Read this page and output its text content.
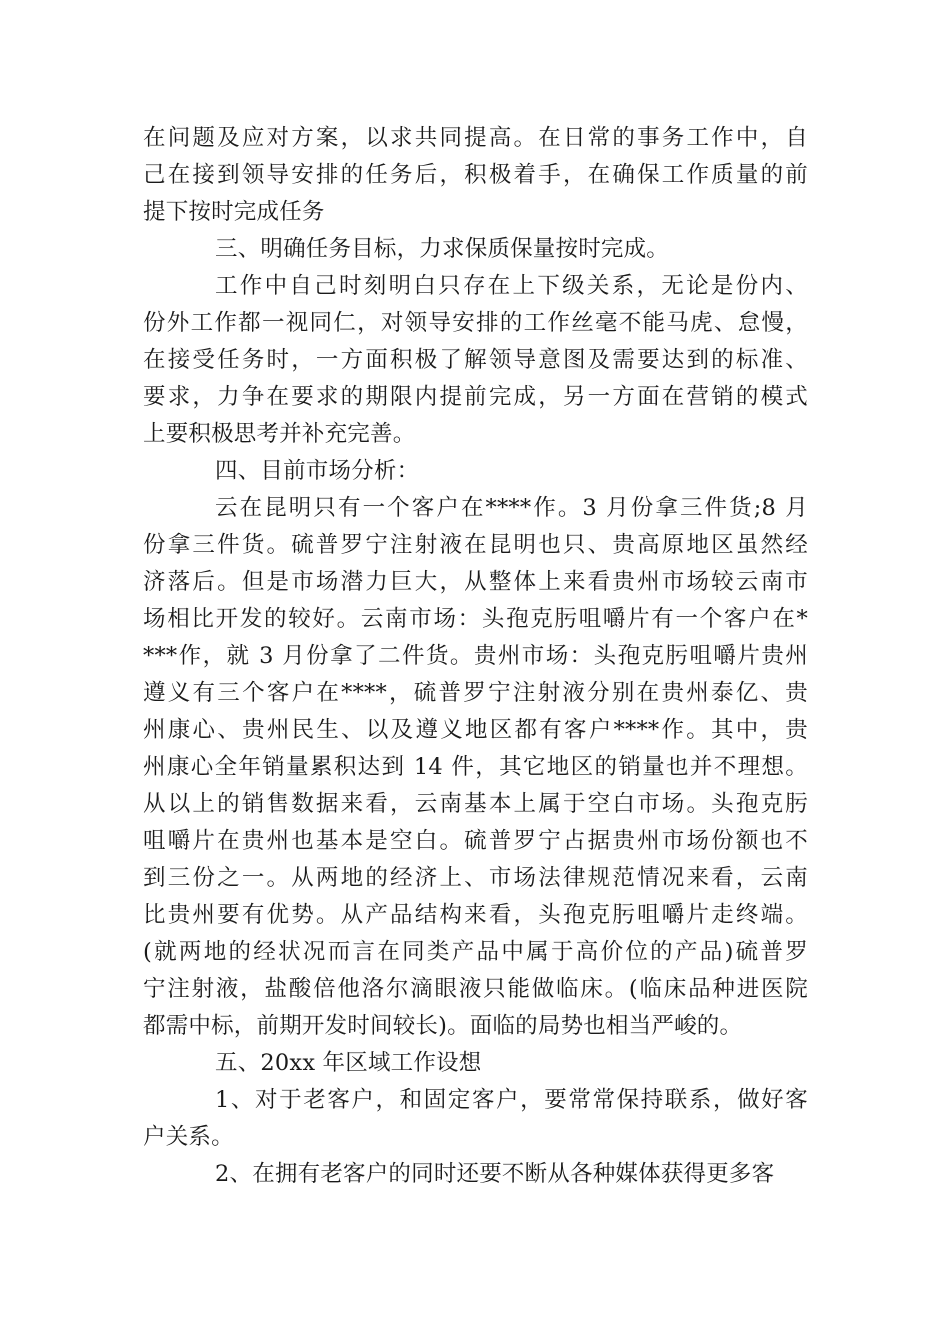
在问题及应对方案，以求共同提高。在日常的事务工作中，自
己在接到领导安排的任务后，积极着手，在确保工作质量的前
提下按时完成任务
三、明确任务目标，力求保质保量按时完成。
工作中自己时刻明白只存在上下级关系，无论是份内、
份外工作都一视同仁，对领导安排的工作丝毫不能马虎、怠慢，
在接受任务时，一方面积极了解领导意图及需要达到的标准、
要求，力争在要求的期限内提前完成，另一方面在营销的模式
上要积极思考并补充完善。
四、目前市场分析：
云在昆明只有一个客户在****作。3 月份拿三件货;8 月
份拿三件货。硫普罗宁注射液在昆明也只、贵高原地区虽然经
济落后。但是市场潜力巨大，从整体上来看贵州市场较云南市
场相比开发的较好。云南市场：头孢克肟咀嚼片有一个客户在*
***作，就 3 月份拿了二件货。贵州市场：头孢克肟咀嚼片贵州
遵义有三个客户在****，硫普罗宁注射液分别在贵州泰亿、贵
州康心、贵州民生、以及遵义地区都有客户****作。其中，贵
州康心全年销量累积达到 14 件，其它地区的销量也并不理想。
从以上的销售数据来看，云南基本上属于空白市场。头孢克肟
咀嚼片在贵州也基本是空白。硫普罗宁占据贵州市场份额也不
到三份之一。从两地的经济上、市场法律规范情况来看，云南
比贵州要有优势。从产品结构来看，头孢克肟咀嚼片走终端。
(就两地的经状况而言在同类产品中属于高价位的产品)硫普罗
宁注射液，盐酸倍他洛尔滴眼液只能做临床。(临床品种进医院
都需中标，前期开发时间较长)。面临的局势也相当严峻的。
五、20xx 年区域工作设想
1、对于老客户，和固定客户，要常常保持联系，做好客
户关系。
2、在拥有老客户的同时还要不断从各种媒体获得更多客
